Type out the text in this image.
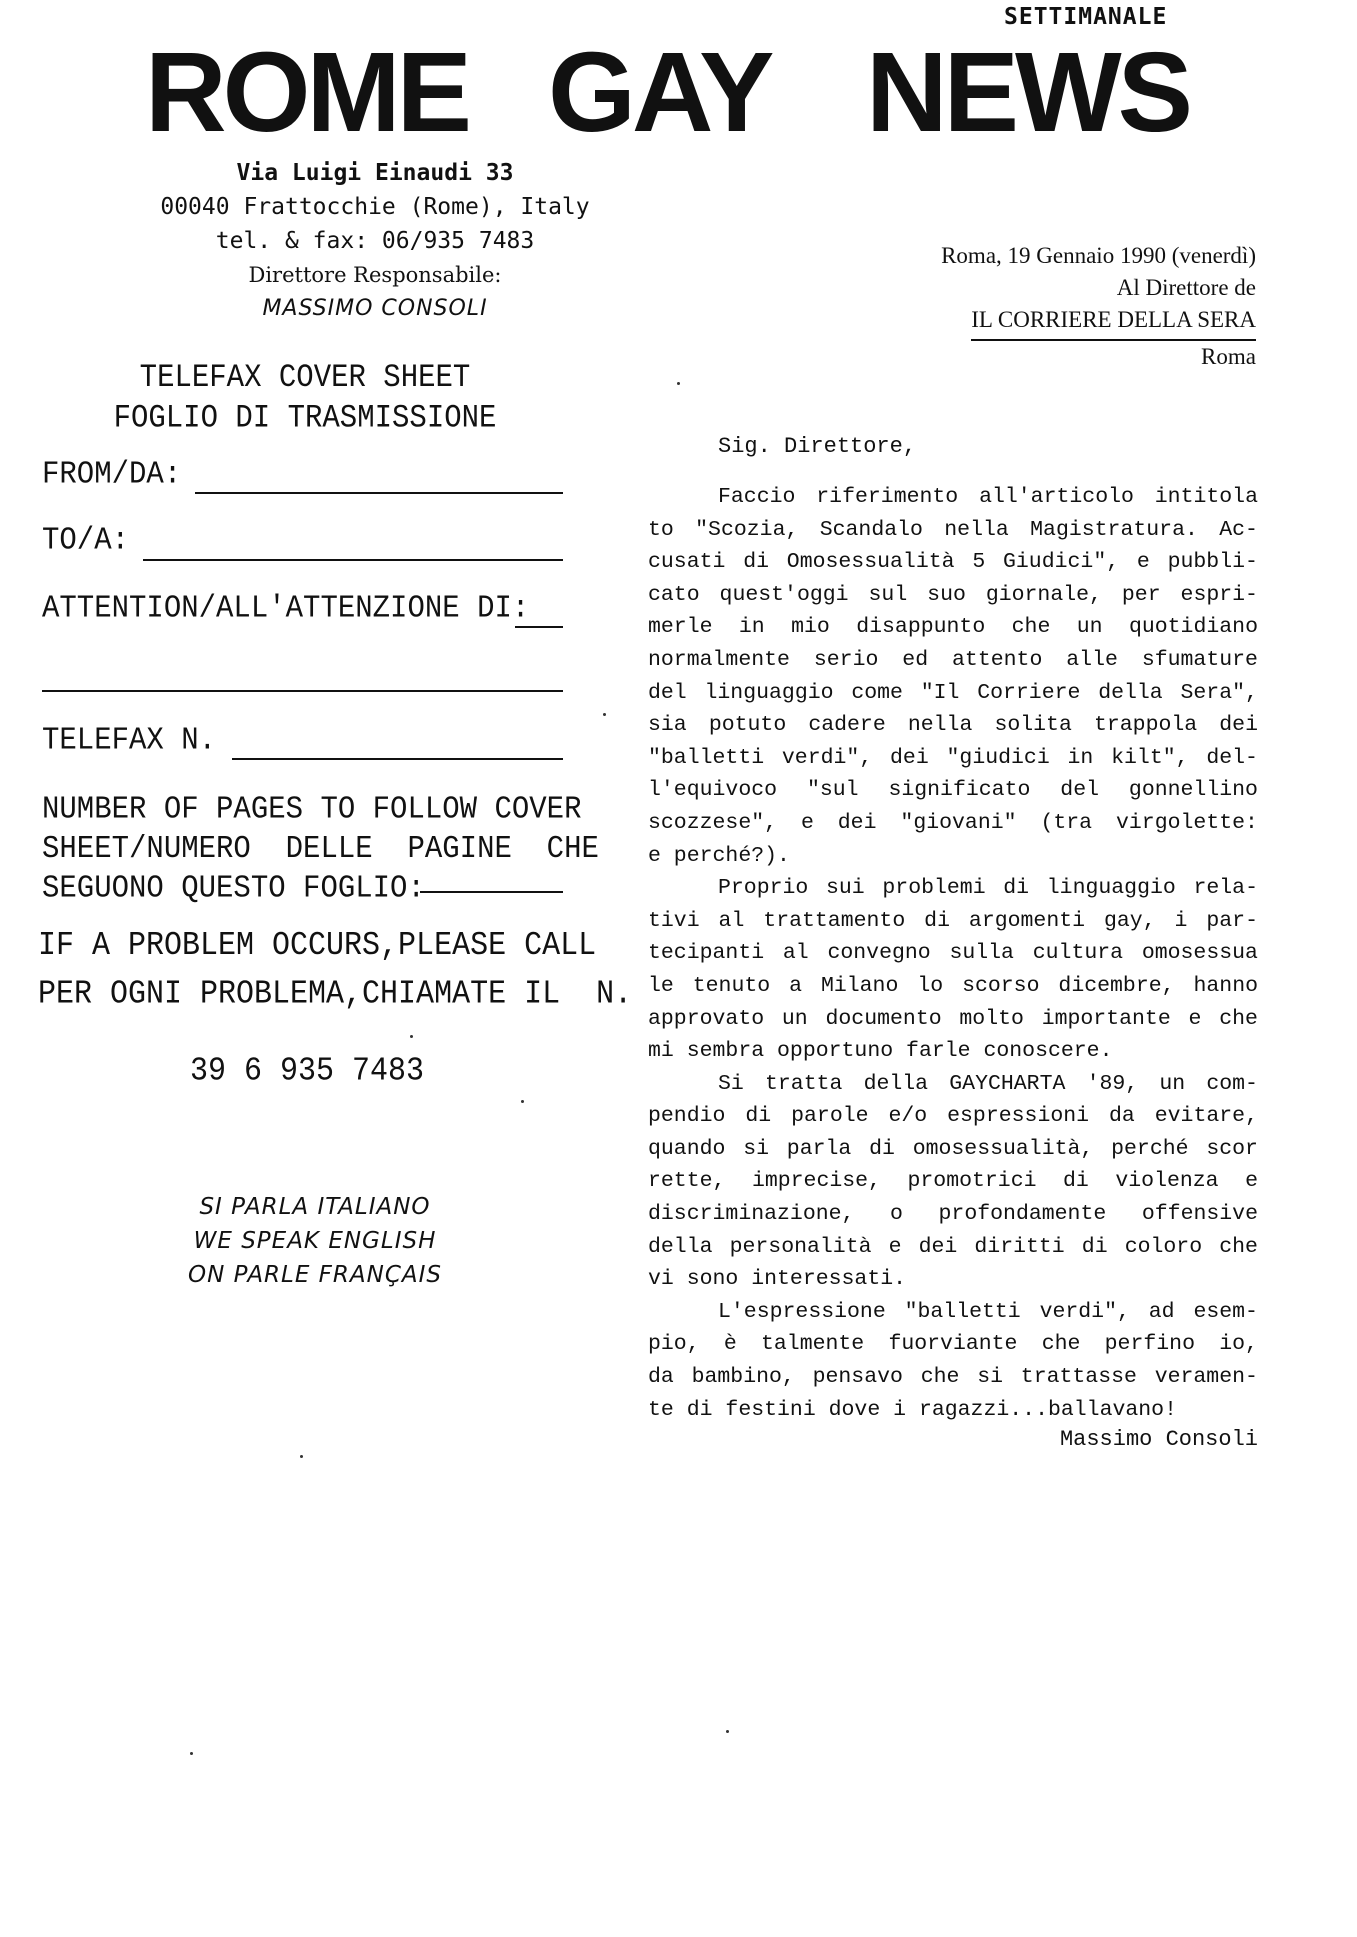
SETTIMANALE
ROME GAY NEWS
Via Luigi Einaudi 33
00040 Frattocchie (Rome), Italy
tel. & fax: 06/935 7483
Direttore Responsabile:
MASSIMO CONSOLI
TELEFAX COVER SHEET
FOGLIO DI TRASMISSIONE
FROM/DA:
TO/A:
ATTENTION/ALL'ATTENZIONE DI:
TELEFAX N.
NUMBER OF PAGES TO FOLLOW COVER
SHEET/NUMERO  DELLE  PAGINE  CHE
SEGUONO QUESTO FOGLIO:
IF A PROBLEM OCCURS,PLEASE CALL
PER OGNI PROBLEMA,CHIAMATE IL  N.
39 6 935 7483
SI PARLA ITALIANO
WE SPEAK ENGLISH
ON PARLE FRANÇAIS
Roma, 19 Gennaio 1990 (venerdì)
Al Direttore de
IL CORRIERE DELLA SERA
Roma
Sig. Direttore,
Faccio riferimento all'articolo intitola
to "Scozia, Scandalo nella Magistratura. Ac-
cusati di Omosessualità 5 Giudici", e pubbli-
cato quest'oggi sul suo giornale, per espri-
merle in mio disappunto che un quotidiano
normalmente serio ed attento alle sfumature
del linguaggio come "Il Corriere della Sera",
sia potuto cadere nella solita trappola dei
"balletti verdi", dei "giudici in kilt", del-
l'equivoco "sul significato del gonnellino
scozzese", e dei "giovani" (tra virgolette:
e perché?).
Proprio sui problemi di linguaggio rela-
tivi al trattamento di argomenti gay, i par-
tecipanti al convegno sulla cultura omosessua
le tenuto a Milano lo scorso dicembre, hanno
approvato un documento molto importante e che
mi sembra opportuno farle conoscere.
Si tratta della GAYCHARTA '89, un com-
pendio di parole e/o espressioni da evitare,
quando si parla di omosessualità, perché scor
rette, imprecise, promotrici di violenza e
discriminazione, o profondamente offensive
della personalità e dei diritti di coloro che
vi sono interessati.
L'espressione "balletti verdi", ad esem-
pio, è talmente fuorviante che perfino io,
da bambino, pensavo che si trattasse veramen-
te di festini dove i ragazzi...ballavano!
Massimo Consoli
